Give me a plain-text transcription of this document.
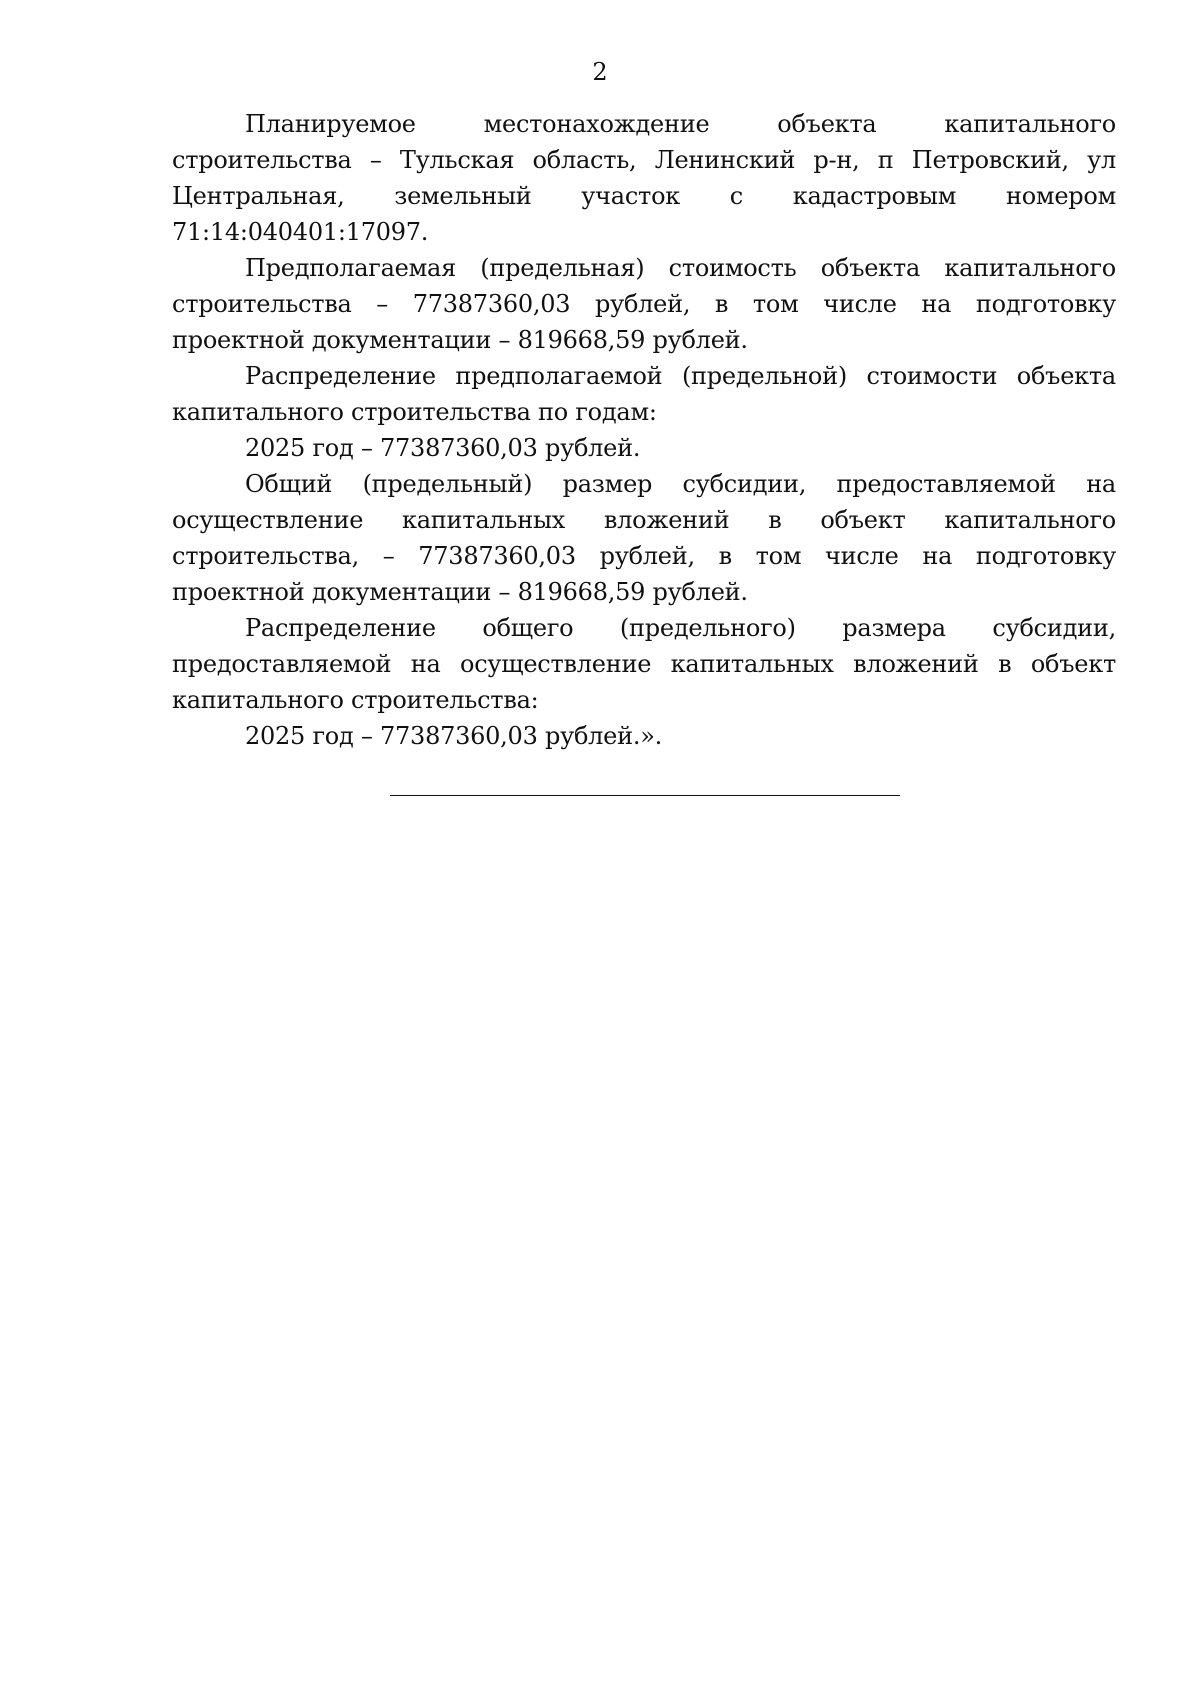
2

Планируемое местонахождение объекта капитального строительства – Тульская область, Ленинский р-н, п Петровский, ул Центральная, земельный участок с кадастровым номером 71:14:040401:17097.

Предполагаемая (предельная) стоимость объекта капитального строительства – 77387360,03 рублей, в том числе на подготовку проектной документации – 819668,59 рублей.

Распределение предполагаемой (предельной) стоимости объекта капитального строительства по годам:

2025 год – 77387360,03 рублей.

Общий (предельный) размер субсидии, предоставляемой на осуществление капитальных вложений в объект капитального строительства, – 77387360,03 рублей, в том числе на подготовку проектной документации – 819668,59 рублей.

Распределение общего (предельного) размера субсидии, предоставляемой на осуществление капитальных вложений в объект капитального строительства:

2025 год – 77387360,03 рублей.».
